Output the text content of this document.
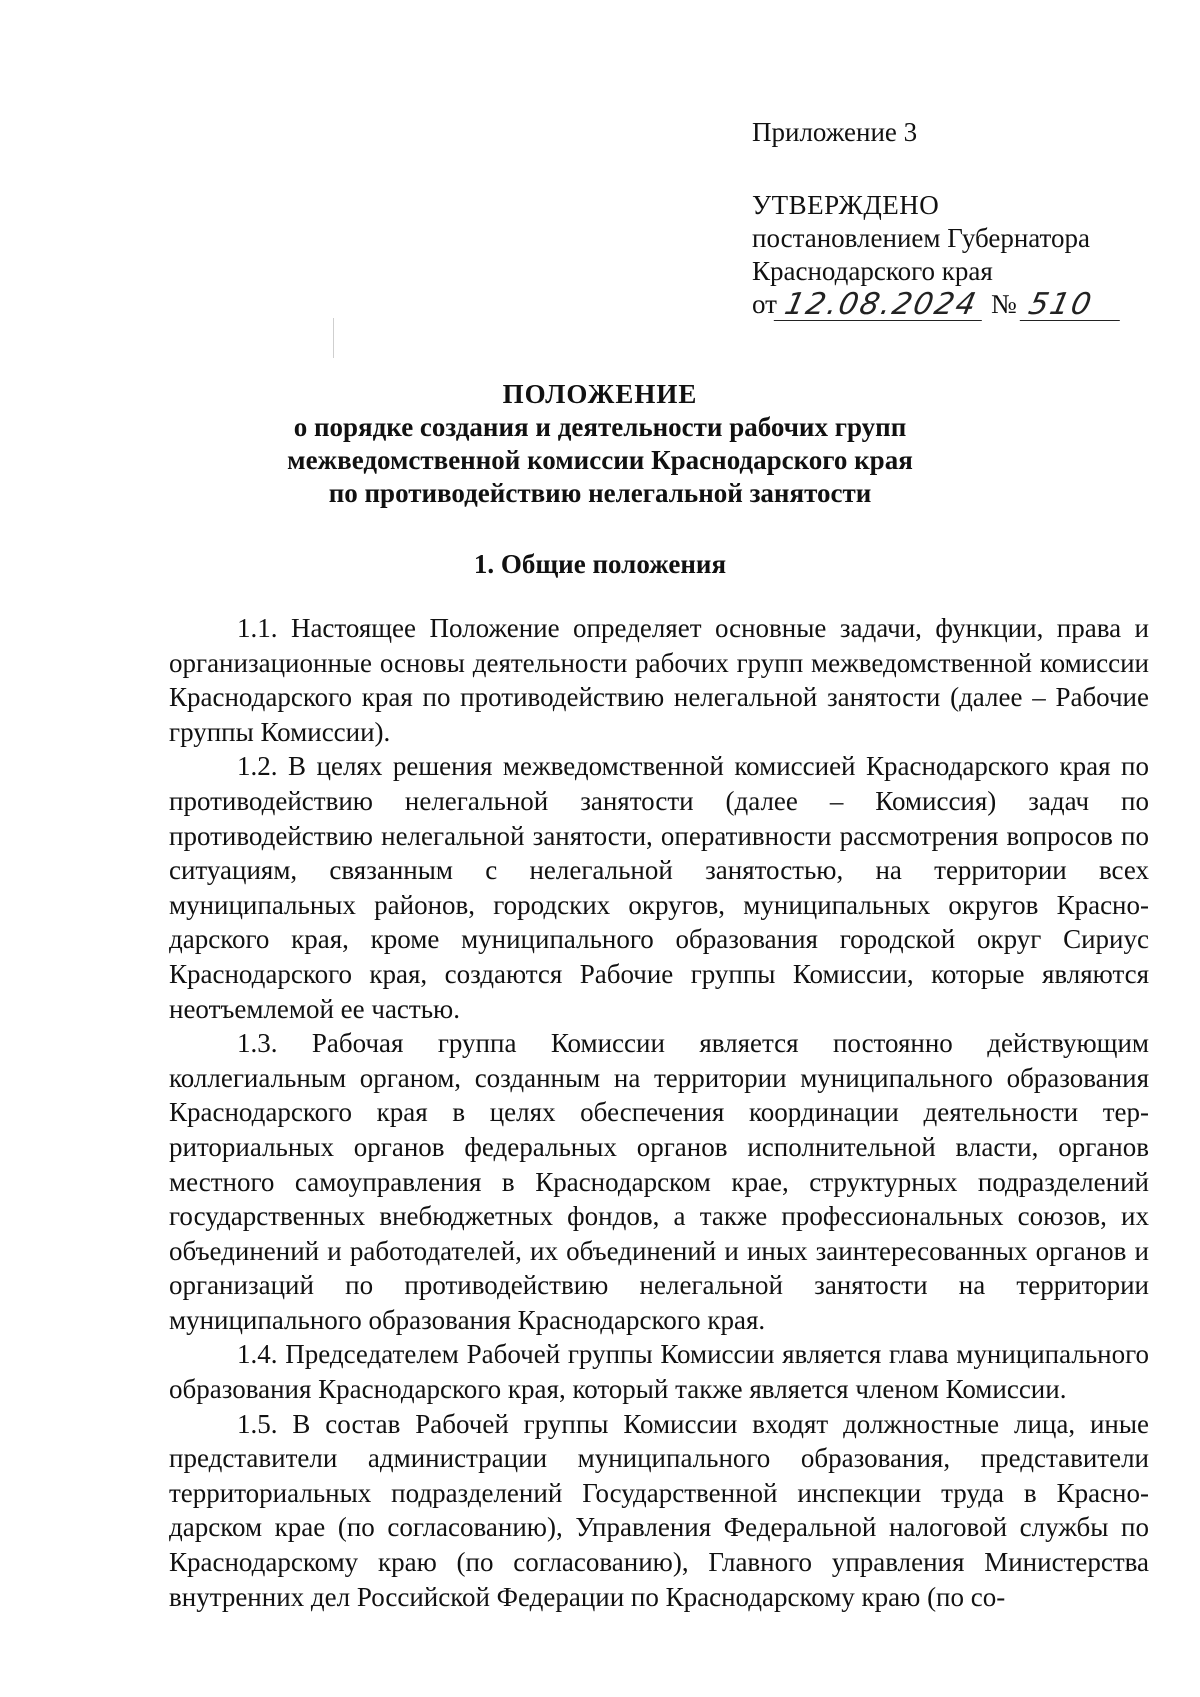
Приложение 3
УТВЕРЖДЕНО
постановлением Губернатора
Краснодарского края
от 12.08.2024 № 510
ПОЛОЖЕНИЕ
о порядке создания и деятельности рабочих групп
межведомственной комиссии Краснодарского края
по противодействию нелегальной занятости
1. Общие положения

1.1. Настоящее Положение определяет основные задачи, функции, права и организационные основы деятельности рабочих групп межведомственной комиссии Краснодарского края по противодействию нелегальной занятости (далее – Рабочие группы Комиссии).

1.2. В целях решения межведомственной комиссией Краснодарского края по противодействию нелегальной занятости (далее – Комиссия) задач по противодействию нелегальной занятости, оперативности рассмотрения вопросов по ситуациям, связанным с нелегальной занятостью, на территории всех муниципальных районов, городских округов, муниципальных округов Краснодарского края, кроме муниципального образования городской округ Сириус Краснодарского края, создаются Рабочие группы Комиссии, которые являются неотъемлемой ее частью.

1.3. Рабочая группа Комиссии является постоянно действующим коллегиальным органом, созданным на территории муниципального образования Краснодарского края в целях обеспечения координации деятельности территориальных органов федеральных органов исполнительной власти, органов местного самоуправления в Краснодарском крае, структурных подразделений государственных внебюджетных фондов, а также профессиональных союзов, их объединений и работодателей, их объединений и иных заинтересованных органов и организаций по противодействию нелегальной занятости на территории муниципального образования Краснодарского края.

1.4. Председателем Рабочей группы Комиссии является глава муниципального образования Краснодарского края, который также является членом Комиссии.

1.5. В состав Рабочей группы Комиссии входят должностные лица, иные представители администрации муниципального образования, представители территориальных подразделений Государственной инспекции труда в Краснодарском крае (по согласованию), Управления Федеральной налоговой службы по Краснодарскому краю (по согласованию), Главного управления Министерства внутренних дел Российской Федерации по Краснодарскому краю (по со-
